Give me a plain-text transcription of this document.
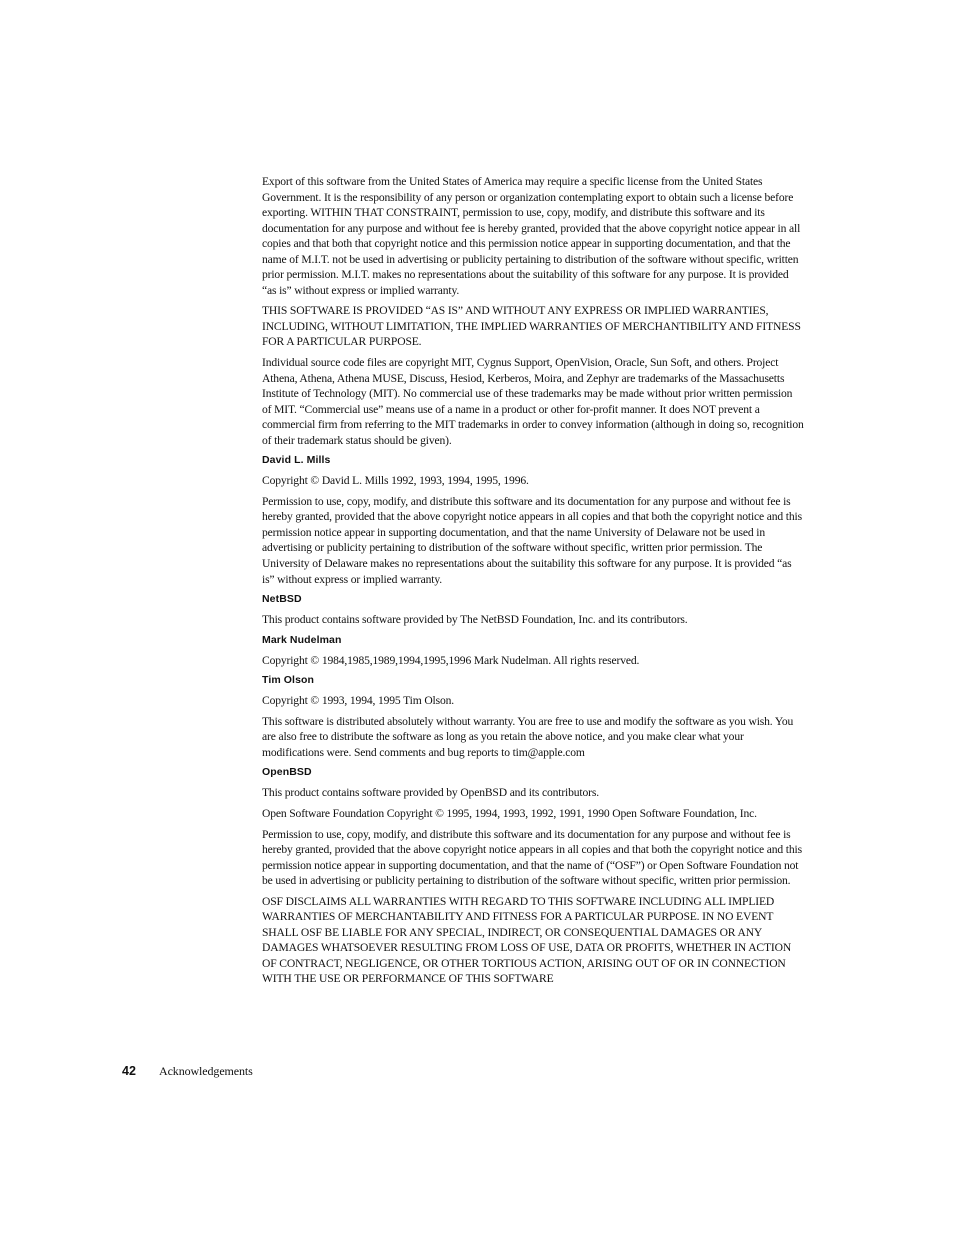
Export of this software from the United States of America may require a specific license from the United States Government. It is the responsibility of any person or organization contemplating export to obtain such a license before exporting. WITHIN THAT CONSTRAINT, permission to use, copy, modify, and distribute this software and its documentation for any purpose and without fee is hereby granted, provided that the above copyright notice appear in all copies and that both that copyright notice and this permission notice appear in supporting documentation, and that the name of M.I.T. not be used in advertising or publicity pertaining to distribution of the software without specific, written prior permission. M.I.T. makes no representations about the suitability of this software for any purpose. It is provided “as is” without express or implied warranty.

THIS SOFTWARE IS PROVIDED “AS IS” AND WITHOUT ANY EXPRESS OR IMPLIED WARRANTIES, INCLUDING, WITHOUT LIMITATION, THE IMPLIED WARRANTIES OF MERCHANTIBILITY AND FITNESS FOR A PARTICULAR PURPOSE.

Individual source code files are copyright MIT, Cygnus Support, OpenVision, Oracle, Sun Soft, and others. Project Athena, Athena, Athena MUSE, Discuss, Hesiod, Kerberos, Moira, and Zephyr are trademarks of the Massachusetts Institute of Technology (MIT). No commercial use of these trademarks may be made without prior written permission of MIT. “Commercial use” means use of a name in a product or other for-profit manner. It does NOT prevent a commercial firm from referring to the MIT trademarks in order to convey information (although in doing so, recognition of their trademark status should be given).

David L. Mills

Copyright © David L. Mills 1992, 1993, 1994, 1995, 1996.

Permission to use, copy, modify, and distribute this software and its documentation for any purpose and without fee is hereby granted, provided that the above copyright notice appears in all copies and that both the copyright notice and this permission notice appear in supporting documentation, and that the name University of Delaware not be used in advertising or publicity pertaining to distribution of the software without specific, written prior permission. The University of Delaware makes no representations about the suitability this software for any purpose. It is provided “as is” without express or implied warranty.

NetBSD

This product contains software provided by The NetBSD Foundation, Inc. and its contributors.

Mark Nudelman

Copyright © 1984,1985,1989,1994,1995,1996 Mark Nudelman. All rights reserved.

Tim Olson

Copyright © 1993, 1994, 1995 Tim Olson.

This software is distributed absolutely without warranty. You are free to use and modify the software as you wish. You are also free to distribute the software as long as you retain the above notice, and you make clear what your modifications were. Send comments and bug reports to tim@apple.com

OpenBSD

This product contains software provided by OpenBSD and its contributors.

Open Software Foundation Copyright © 1995, 1994, 1993, 1992, 1991, 1990 Open Software Foundation, Inc.

Permission to use, copy, modify, and distribute this software and its documentation for any purpose and without fee is hereby granted, provided that the above copyright notice appears in all copies and that both the copyright notice and this permission notice appear in supporting documentation, and that the name of (“OSF”) or Open Software Foundation not be used in advertising or publicity pertaining to distribution of the software without specific, written prior permission.

OSF DISCLAIMS ALL WARRANTIES WITH REGARD TO THIS SOFTWARE INCLUDING ALL IMPLIED WARRANTIES OF MERCHANTABILITY AND FITNESS FOR A PARTICULAR PURPOSE. IN NO EVENT SHALL OSF BE LIABLE FOR ANY SPECIAL, INDIRECT, OR CONSEQUENTIAL DAMAGES OR ANY DAMAGES WHATSOEVER RESULTING FROM LOSS OF USE, DATA OR PROFITS, WHETHER IN ACTION OF CONTRACT, NEGLIGENCE, OR OTHER TORTIOUS ACTION, ARISING OUT OF OR IN CONNECTION WITH THE USE OR PERFORMANCE OF THIS SOFTWARE

42 Acknowledgements
